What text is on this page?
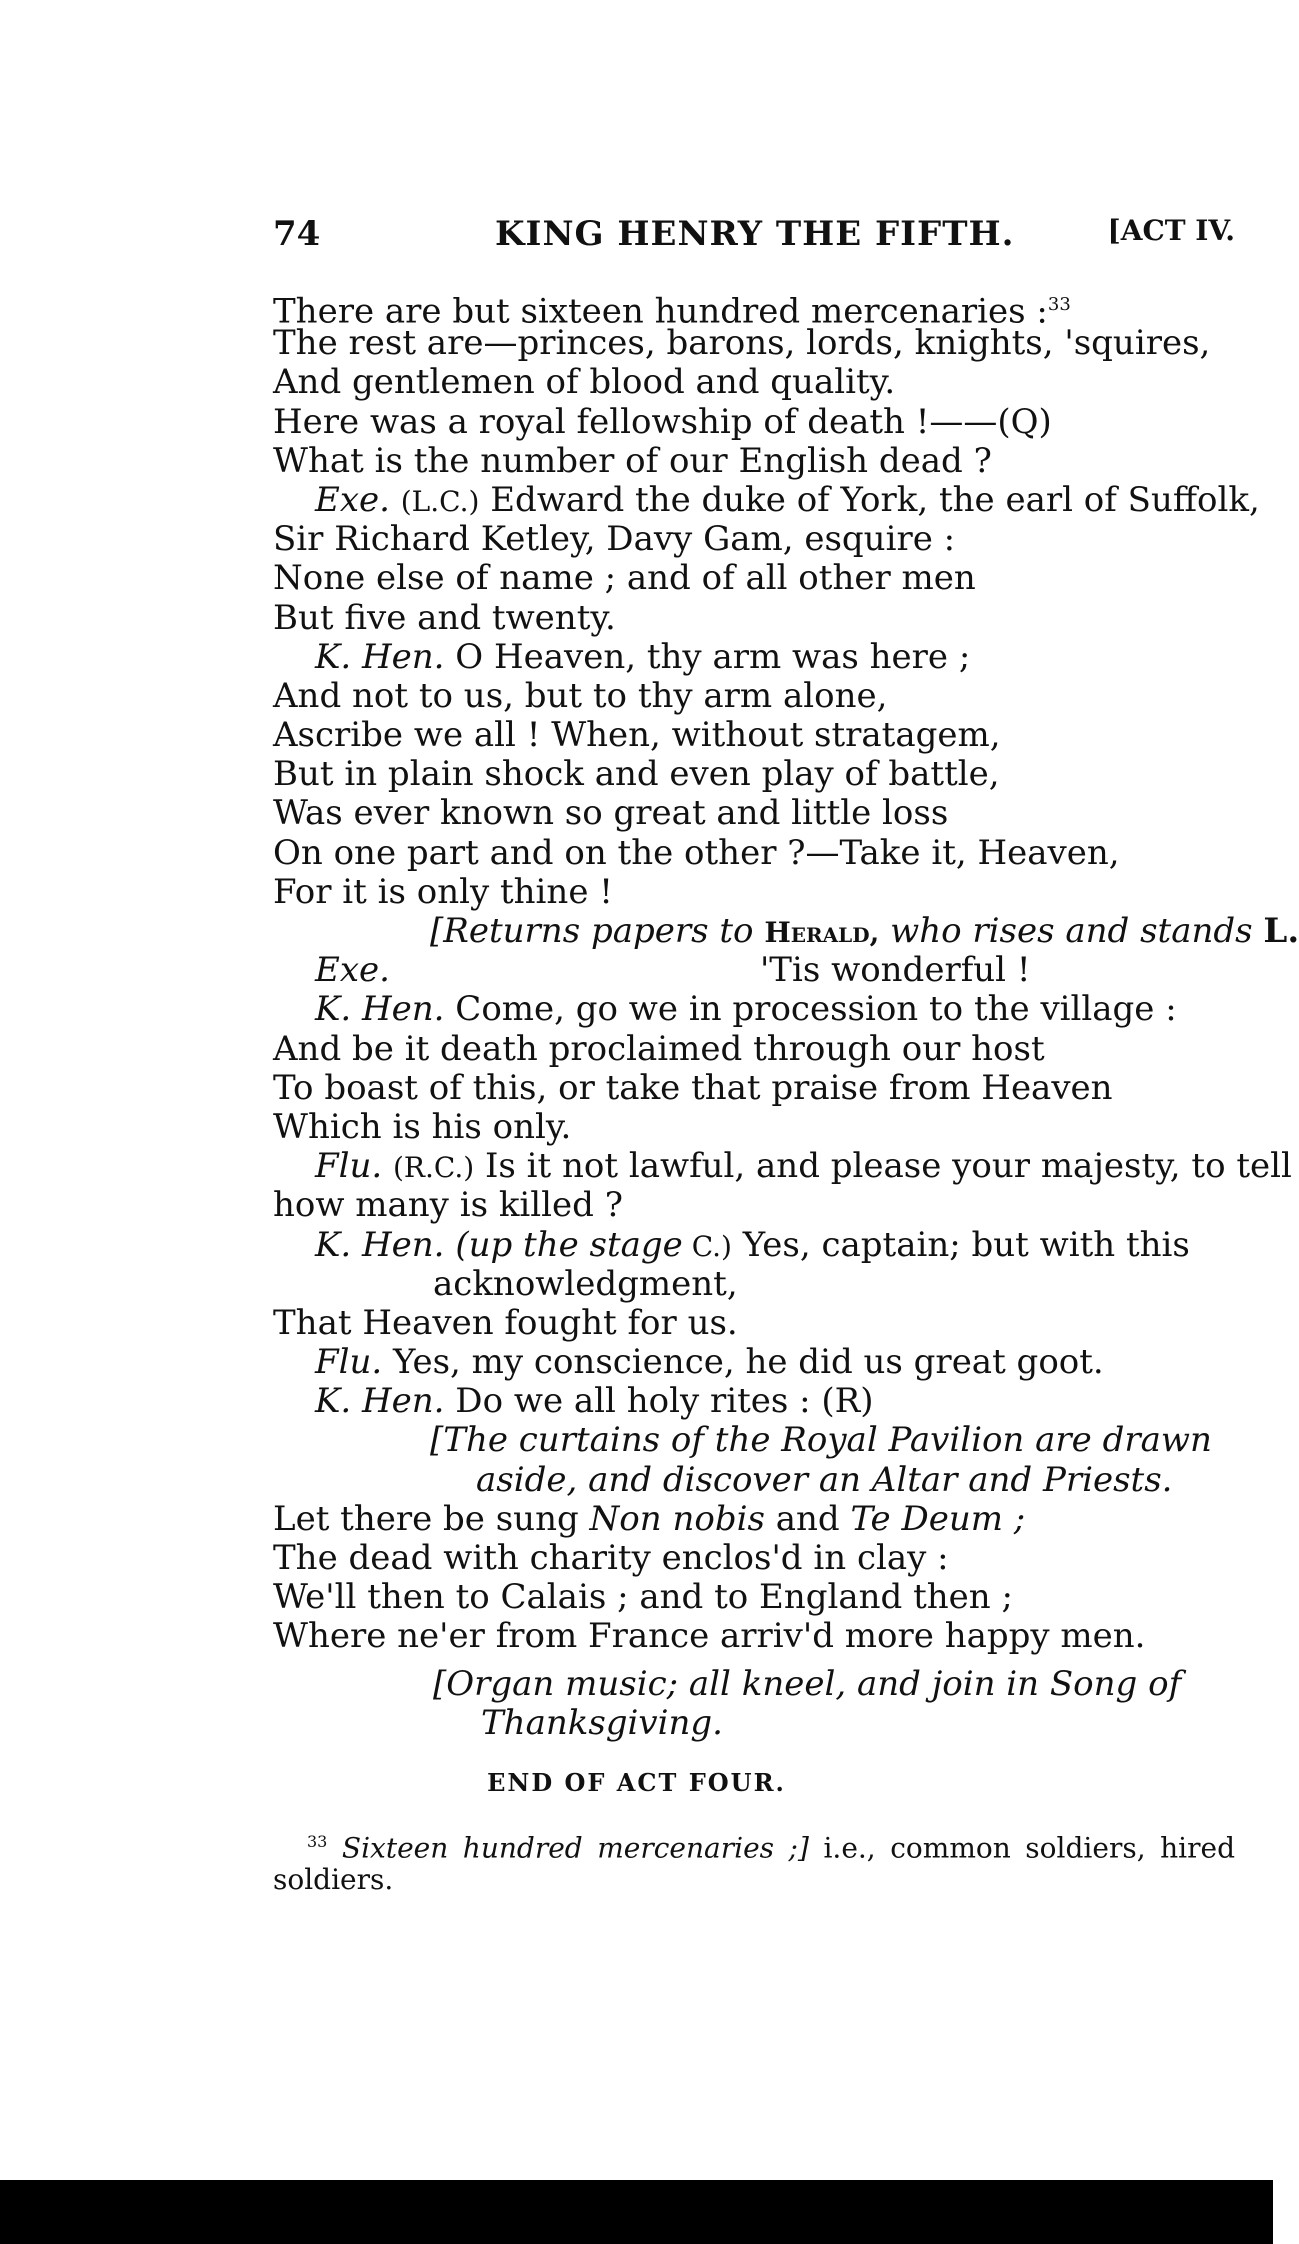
74	KING HENRY THE FIFTH.	[ACT IV.
There are but sixteen hundred mercenaries :$^{33}$
The rest are—princes, barons, lords, knights, 'squires,
And gentlemen of blood and quality.
Here was a royal fellowship of death !——(Q)
What is the number of our English dead ?
Exe. (L.C.) Edward the duke of York, the earl of Suffolk,
Sir Richard Ketley, Davy Gam, esquire :
None else of name ; and of all other men
But five and twenty.
K. Hen. O Heaven, thy arm was here ;
And not to us, but to thy arm alone,
Ascribe we all ! When, without stratagem,
But in plain shock and even play of battle,
Was ever known so great and little loss
On one part and on the other ?—Take it, Heaven,
For it is only thine !
[Returns papers to Herald, who rises and stands L.
Exe.	'Tis wonderful !
K. Hen. Come, go we in procession to the village :
And be it death proclaimed through our host
To boast of this, or take that praise from Heaven
Which is his only.
Flu. (R.C.) Is it not lawful, and please your majesty, to tell
how many is killed ?
K. Hen. (up the stage C.) Yes, captain; but with this
acknowledgment,
That Heaven fought for us.
Flu. Yes, my conscience, he did us great goot.
K. Hen. Do we all holy rites : (R)
[The curtains of the Royal Pavilion are drawn
aside, and discover an Altar and Priests.
Let there be sung Non nobis and Te Deum ;
The dead with charity enclos'd in clay :
We'll then to Calais ; and to England then ;
Where ne'er from France arriv'd more happy men.
[Organ music; all kneel, and join in Song of
Thanksgiving.
END OF ACT FOUR.
$^{33}$ Sixteen hundred mercenaries ;] i.e., common soldiers, hired
soldiers.
